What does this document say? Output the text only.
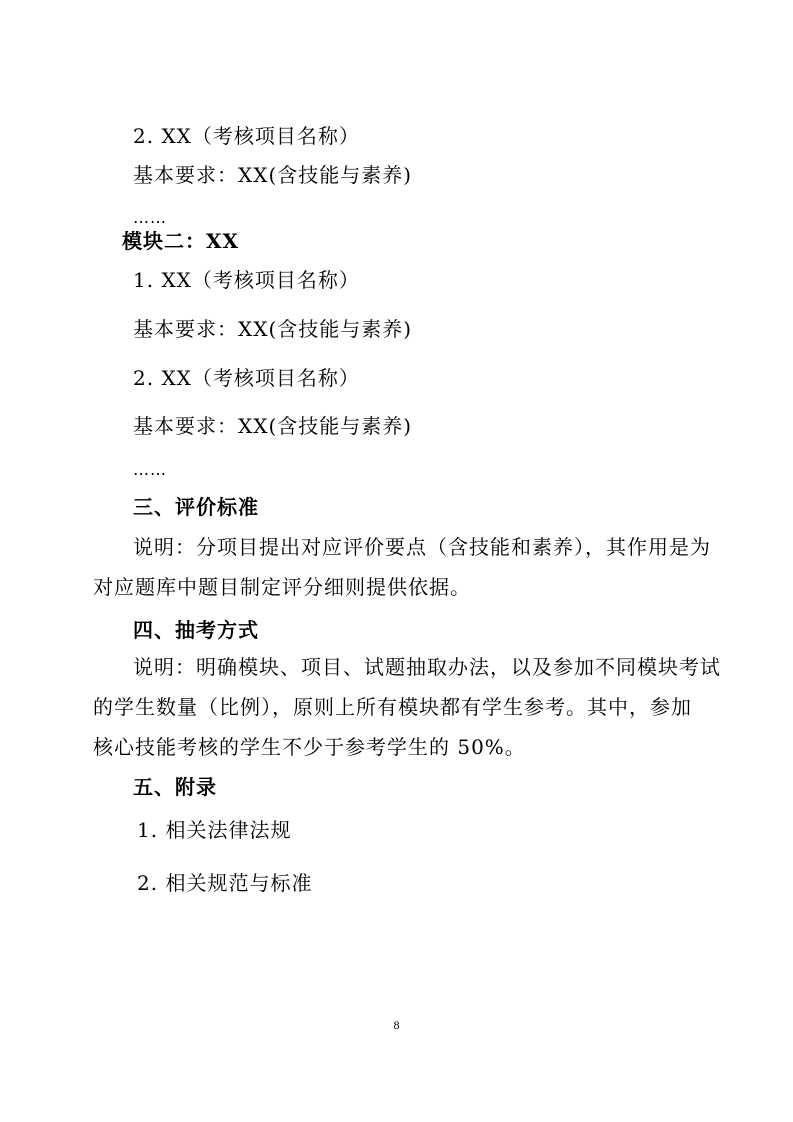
2. XX（考核项目名称）
基本要求：XX(含技能与素养)
……
模块二：XX
1. XX（考核项目名称）
基本要求：XX(含技能与素养)
2. XX（考核项目名称）
基本要求：XX(含技能与素养)
……
三、评价标准
说明：分项目提出对应评价要点（含技能和素养），其作用是为
对应题库中题目制定评分细则提供依据。
四、抽考方式
说明：明确模块、项目、试题抽取办法，以及参加不同模块考试
的学生数量（比例），原则上所有模块都有学生参考。其中，参加
核心技能考核的学生不少于参考学生的 50%。
五、附录
1. 相关法律法规
2. 相关规范与标准
8
